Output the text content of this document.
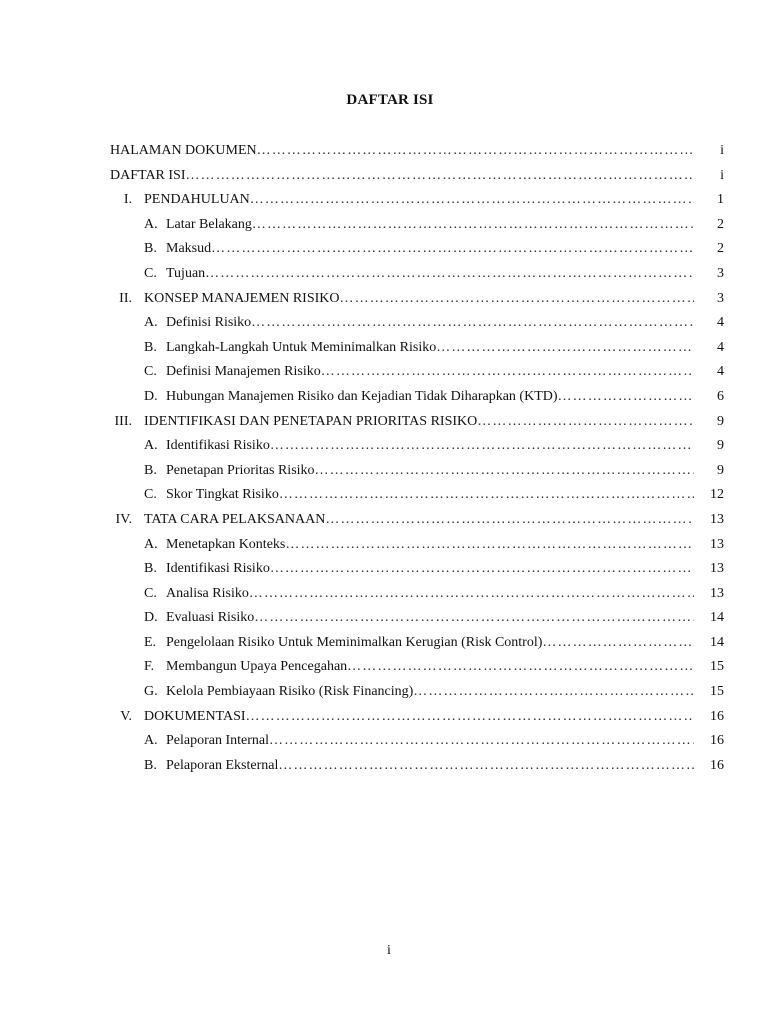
DAFTAR ISI
HALAMAN DOKUMEN ……………………………………………………………………………………………………………………………………………………………………………………………………	i
DAFTAR ISI ……………………………………………………………………………………………………………………………………………………………………………………………………	i
I. PENDAHULUAN ……………………………………………………………………………………………………………………………………………………………………………………………………	1
A. Latar Belakang ……………………………………………………………………………………………………………………………………………………………………………………………………	2
B. Maksud ……………………………………………………………………………………………………………………………………………………………………………………………………	2
C. Tujuan ……………………………………………………………………………………………………………………………………………………………………………………………………	3
II. KONSEP MANAJEMEN RISIKO ……………………………………………………………………………………………………………………………………………………………………………………………………	3
A. Definisi Risiko ……………………………………………………………………………………………………………………………………………………………………………………………………	4
B. Langkah-Langkah Untuk Meminimalkan Risiko ……………………………………………………………………………………………………………………………………………………………………………………………………	4
C. Definisi Manajemen Risiko ……………………………………………………………………………………………………………………………………………………………………………………………………	4
D. Hubungan Manajemen Risiko dan Kejadian Tidak Diharapkan (KTD) ……………………………………………………………………………………………………………………………………………………………………………………………………	6
III. IDENTIFIKASI DAN PENETAPAN PRIORITAS RISIKO ……………………………………………………………………………………………………………………………………………………………………………………………………	9
A. Identifikasi Risiko ……………………………………………………………………………………………………………………………………………………………………………………………………	9
B. Penetapan Prioritas Risiko ……………………………………………………………………………………………………………………………………………………………………………………………………	9
C. Skor Tingkat Risiko ……………………………………………………………………………………………………………………………………………………………………………………………………	12
IV. TATA CARA PELAKSANAAN ……………………………………………………………………………………………………………………………………………………………………………………………………	13
A. Menetapkan Konteks ……………………………………………………………………………………………………………………………………………………………………………………………………	13
B. Identifikasi Risiko ……………………………………………………………………………………………………………………………………………………………………………………………………	13
C. Analisa Risiko ……………………………………………………………………………………………………………………………………………………………………………………………………	13
D. Evaluasi Risiko ……………………………………………………………………………………………………………………………………………………………………………………………………	14
E. Pengelolaan Risiko Untuk Meminimalkan Kerugian (Risk Control) ……………………………………………………………………………………………………………………………………………………………………………………………………	14
F. Membangun Upaya Pencegahan ……………………………………………………………………………………………………………………………………………………………………………………………………	15
G. Kelola Pembiayaan Risiko (Risk Financing) ……………………………………………………………………………………………………………………………………………………………………………………………………	15
V. DOKUMENTASI ……………………………………………………………………………………………………………………………………………………………………………………………………	16
A. Pelaporan Internal ……………………………………………………………………………………………………………………………………………………………………………………………………	16
B. Pelaporan Eksternal ……………………………………………………………………………………………………………………………………………………………………………………………………	16
i
